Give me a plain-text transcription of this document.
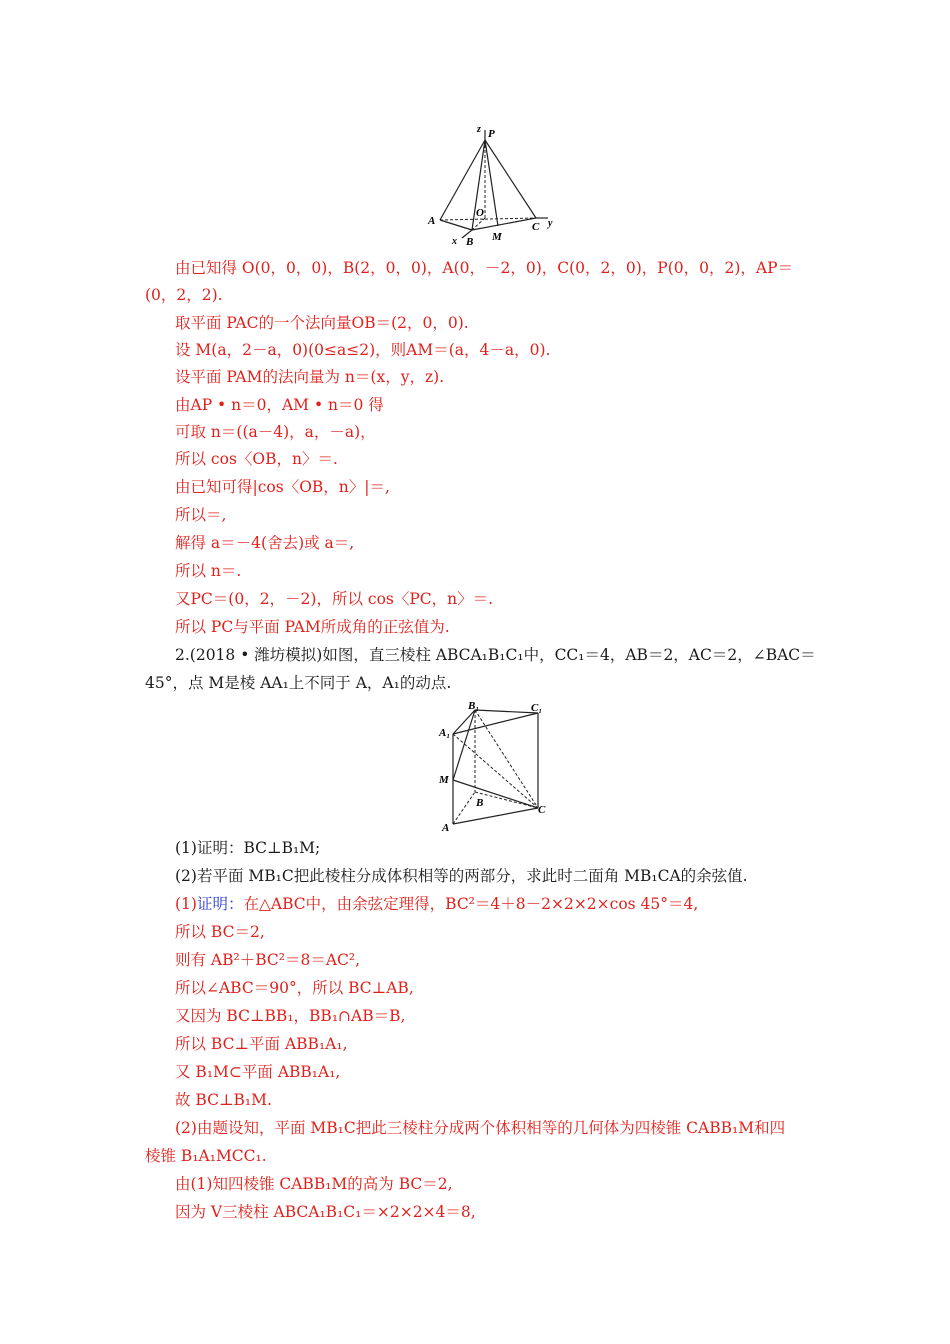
z P
A
O
C y
x B M
B₁	C₁
A₁
M
B
C
A
由已知得 O(0，0，0)，B(2，0，0)，A(0，－2，0)，C(0，2，0)，P(0，0，2)，AP＝
(0，2，2).
取平面 PAC的一个法向量OB＝(2，0，0).
设 M(a，2－a，0)(0≤a≤2)，则AM＝(a，4－a，0).
设平面 PAM的法向量为 n＝(x，y，z).
由AP • n＝0，AM • n＝0 得
可取 n＝((a－4)，a，－a)，
所以 cos〈OB，n〉＝.
由已知可得|cos〈OB，n〉|＝,
所以＝,
解得 a＝－4(舍去)或 a＝,
所以 n＝.
又PC＝(0，2，－2)，所以 cos〈PC，n〉＝.
所以 PC与平面 PAM所成角的正弦值为.
2.(2018 • 潍坊模拟)如图，直三棱柱 ABCA₁B₁C₁中，CC₁＝4，AB＝2，AC＝2，∠BAC＝
45°，点 M是棱 AA₁上不同于 A，A₁的动点.
(1)证明：BC⊥B₁M;
(2)若平面 MB₁C把此棱柱分成体积相等的两部分，求此时二面角 MB₁CA的余弦值.
(1)证明：在△ABC中，由余弦定理得，BC²＝4＋8－2×2×2×cos 45°＝4,
所以 BC＝2,
则有 AB²＋BC²＝8＝AC²,
所以∠ABC＝90°，所以 BC⊥AB,
又因为 BC⊥BB₁，BB₁∩AB＝B,
所以 BC⊥平面 ABB₁A₁,
又 B₁M⊂平面 ABB₁A₁,
故 BC⊥B₁M.
(2)由题设知，平面 MB₁C把此三棱柱分成两个体积相等的几何体为四棱锥 CABB₁M和四
棱锥 B₁A₁MCC₁.
由(1)知四棱锥 CABB₁M的高为 BC＝2,
因为 V三棱柱 ABCA₁B₁C₁＝×2×2×4＝8,
